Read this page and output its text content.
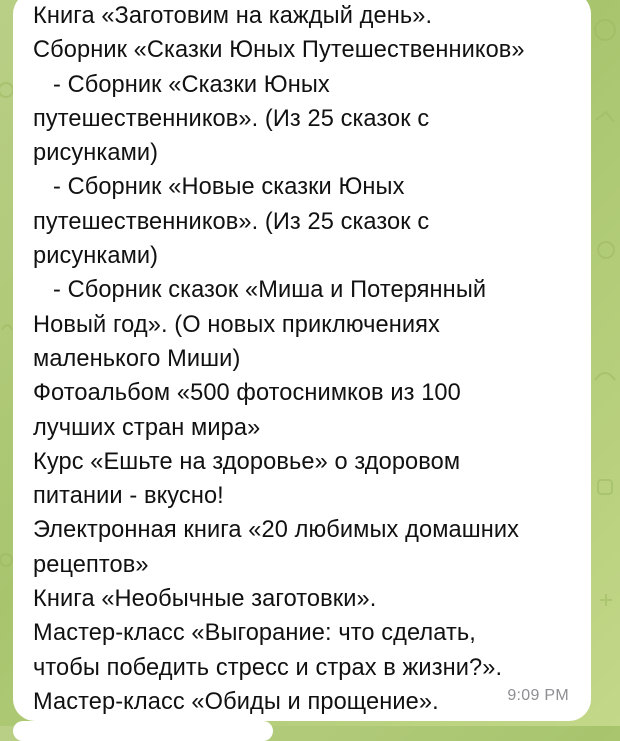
Книга «Заготовим на каждый день».
Сборник «Сказки Юных Путешественников»
- Сборник «Сказки Юных
путешественников». (Из 25 сказок с
рисунками)
- Сборник «Новые сказки Юных
путешественников». (Из 25 сказок с
рисунками)
- Сборник сказок «Миша и Потерянный
Новый год». (О новых приключениях
маленького Миши)
Фотоальбом «500 фотоснимков из 100
лучших стран мира»
Курс «Ешьте на здоровье» о здоровом
питании - вкусно!
Электронная книга «20 любимых домашних
рецептов»
Книга «Необычные заготовки».
Мастер-класс «Выгорание: что сделать,
чтобы победить стресс и страх в жизни?».
Мастер-класс «Обиды и прощение».	9:09 PM
